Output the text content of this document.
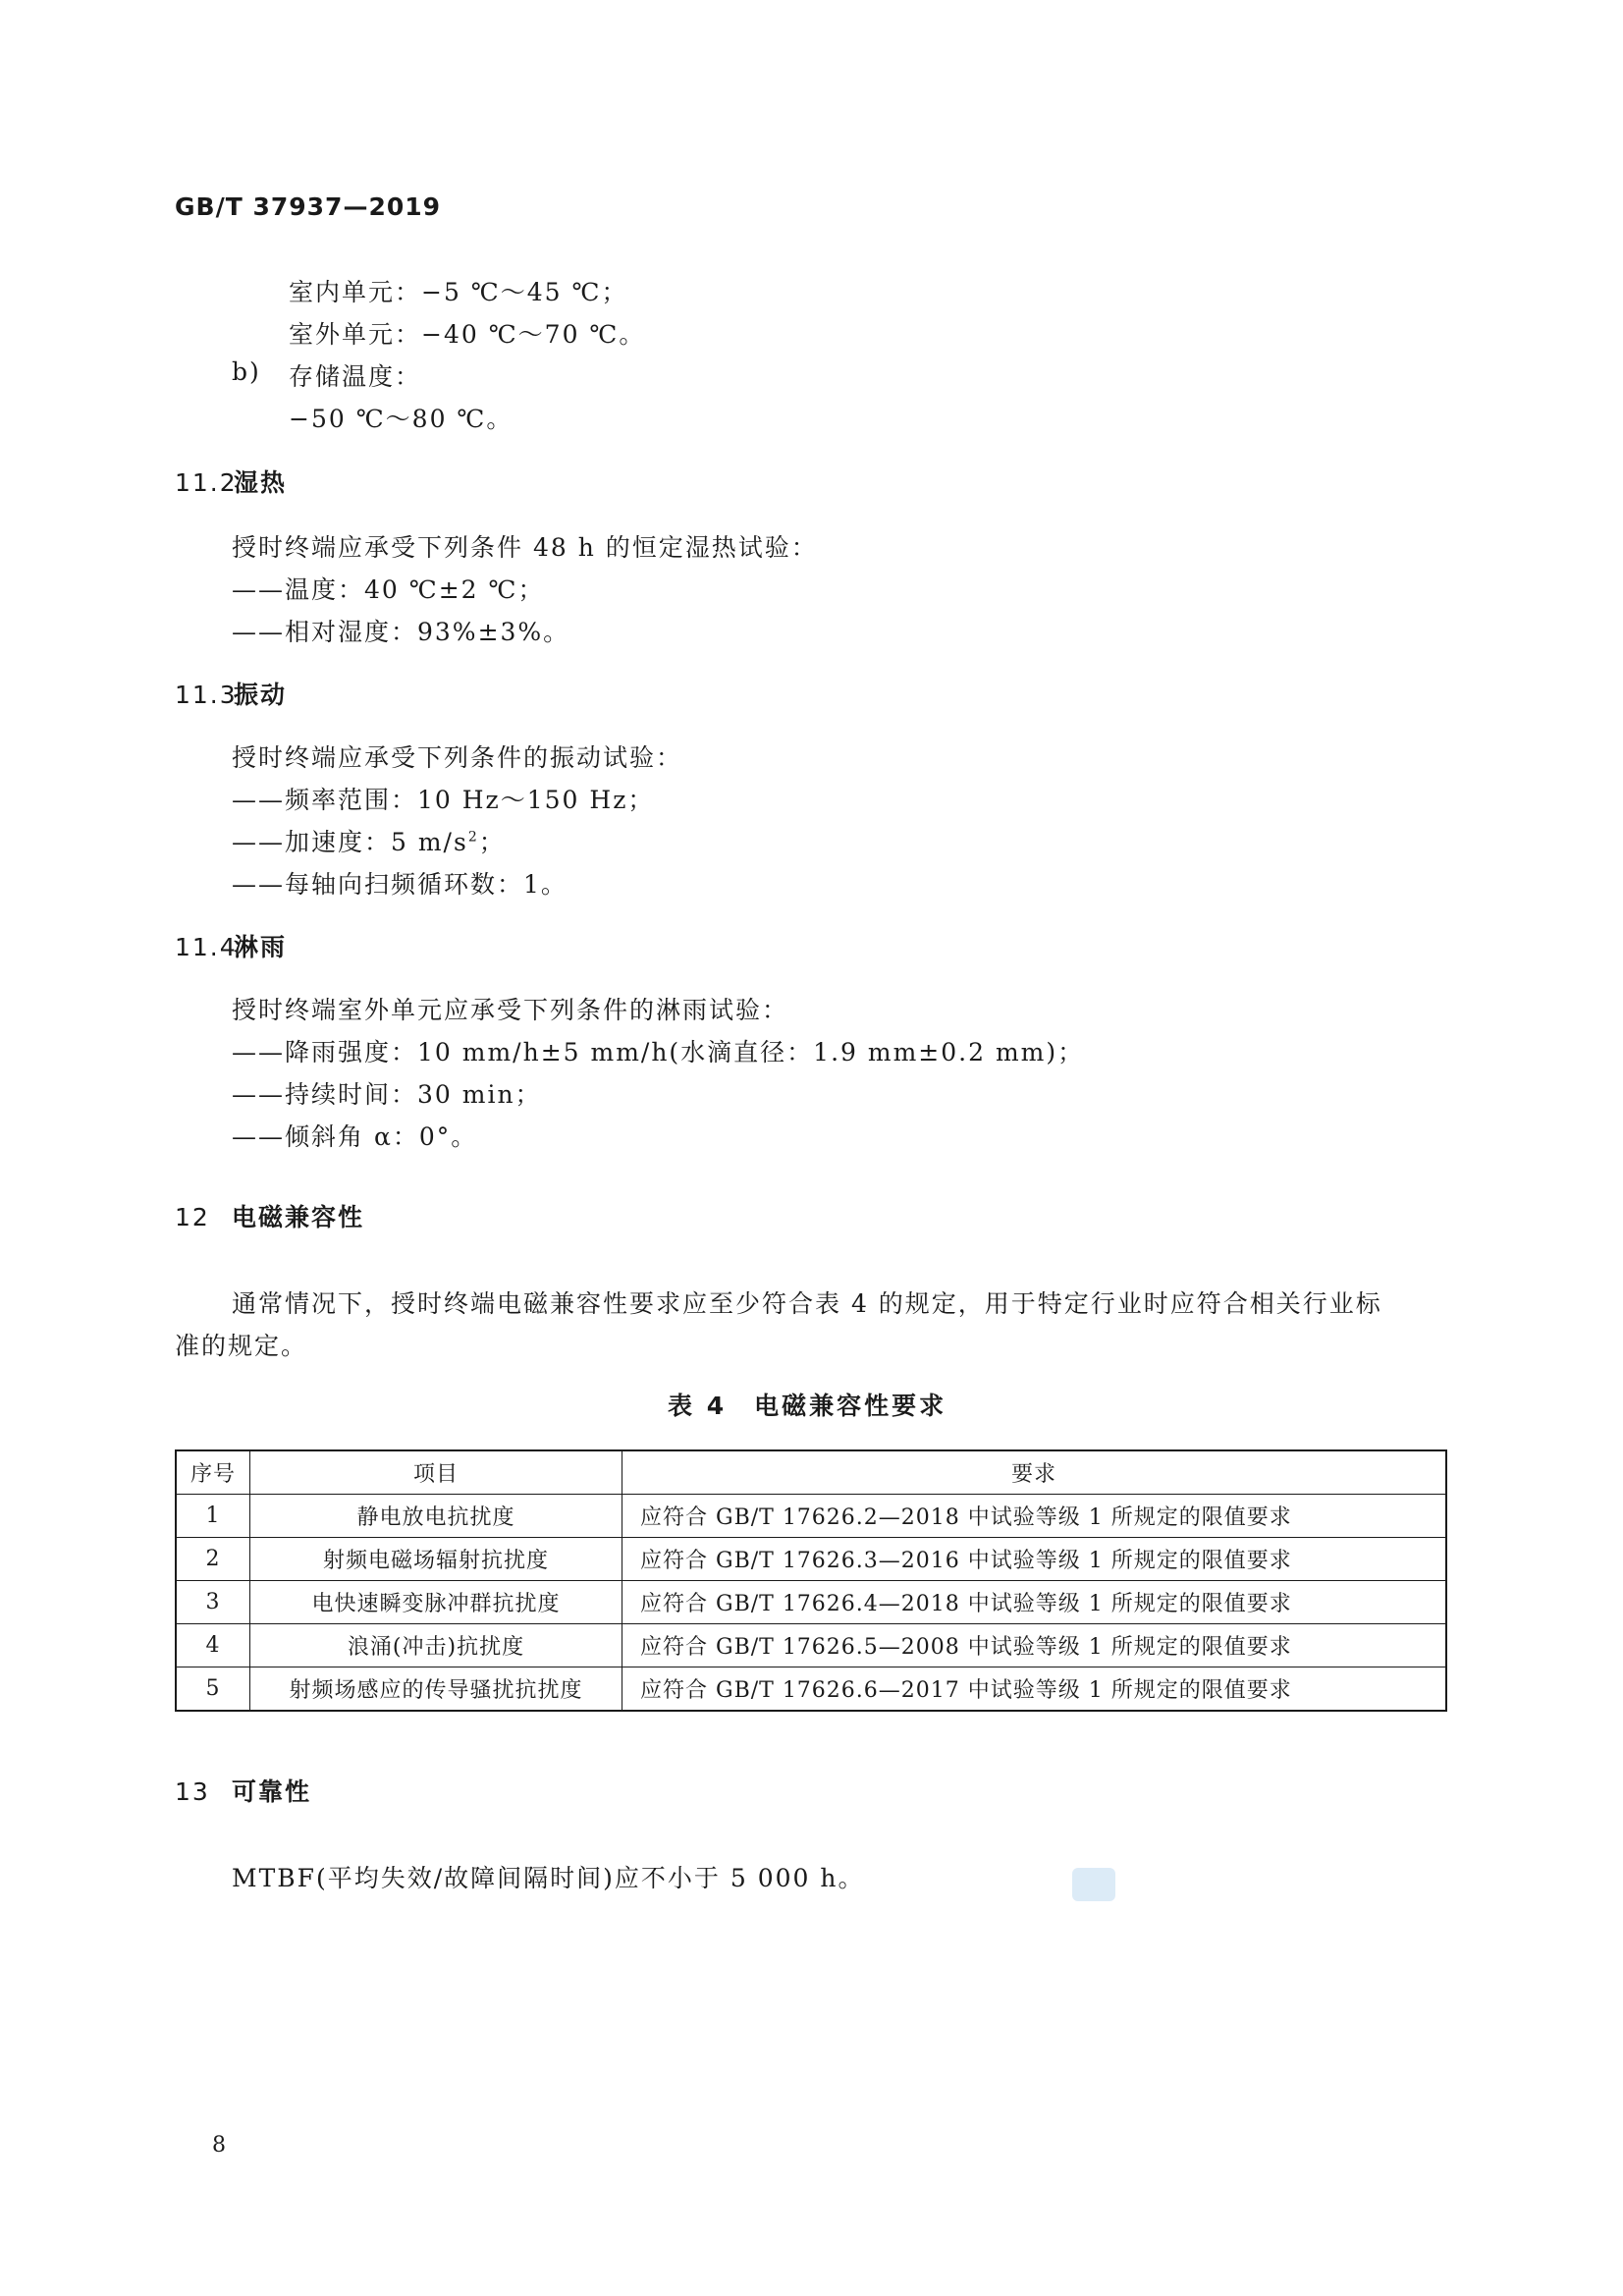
GB/T 37937—2019
室内单元：−5 ℃～45 ℃；
室外单元：−40 ℃～70 ℃。
b) 存储温度：
−50 ℃～80 ℃。
11.2湿热
授时终端应承受下列条件 48 h 的恒定湿热试验：
——温度：40 ℃±2 ℃；
——相对湿度：93%±3%。
11.3振动
授时终端应承受下列条件的振动试验：
——频率范围：10 Hz～150 Hz；
——加速度：5 $m/s^2$；
——每轴向扫频循环数：1。
11.4淋雨
授时终端室外单元应承受下列条件的淋雨试验：
——降雨强度：10 mm/h±5 mm/h(水滴直径：1.9 mm±0.2 mm)；
——持续时间：30 min；
——倾斜角 α：0°。
12 电磁兼容性
通常情况下，授时终端电磁兼容性要求应至少符合表 4 的规定，用于特定行业时应符合相关行业标
准的规定。
表 4　电磁兼容性要求
序号	项目	要求
1	静电放电抗扰度	应符合 GB/T 17626.2—2018 中试验等级 1 所规定的限值要求
2	射频电磁场辐射抗扰度	应符合 GB/T 17626.3—2016 中试验等级 1 所规定的限值要求
3	电快速瞬变脉冲群抗扰度	应符合 GB/T 17626.4—2018 中试验等级 1 所规定的限值要求
4	浪涌(冲击)抗扰度	应符合 GB/T 17626.5—2008 中试验等级 1 所规定的限值要求
5	射频场感应的传导骚扰抗扰度	应符合 GB/T 17626.6—2017 中试验等级 1 所规定的限值要求
13 可靠性
MTBF(平均失效/故障间隔时间)应不小于 5 000 h。
8
